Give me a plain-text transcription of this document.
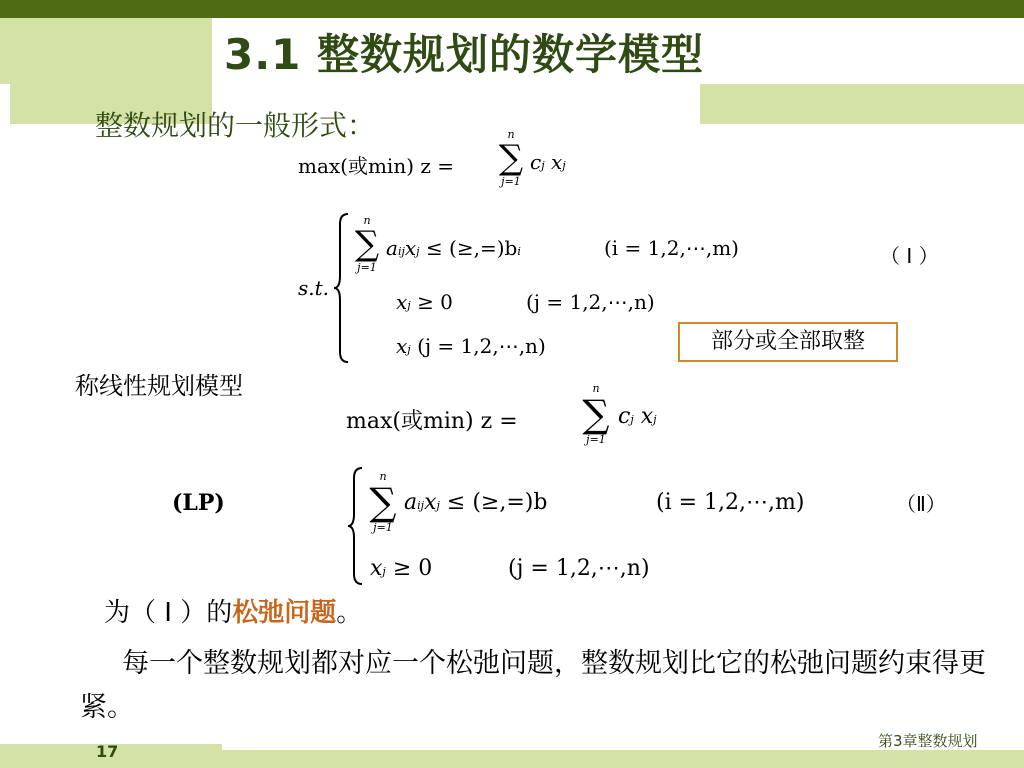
3.1 整数规划的数学模型
整数规划的一般形式：
max(或min) z =
n
∑
j=1
cj xj
s.t.
n
∑
j=1
aijxj ≤ (≥,=)bi	(i = 1,2,⋯,m)	（ I ）
xj ≥ 0	(j = 1,2,⋯,n)
xj (j = 1,2,⋯,n)	部分或全部取整
称线性规划模型
max(或min) z =
n
∑
j=1
cj xj
(LP)
n
∑
j=1
aijxj ≤ (≥,=)b	(i = 1,2,⋯,m)	（Ⅱ）
xj ≥ 0	(j = 1,2,⋯,n)
为（ I ）的松弛问题。
每一个整数规划都对应一个松弛问题，整数规划比它的松弛问题约束得更紧。
17
第3章整数规划
